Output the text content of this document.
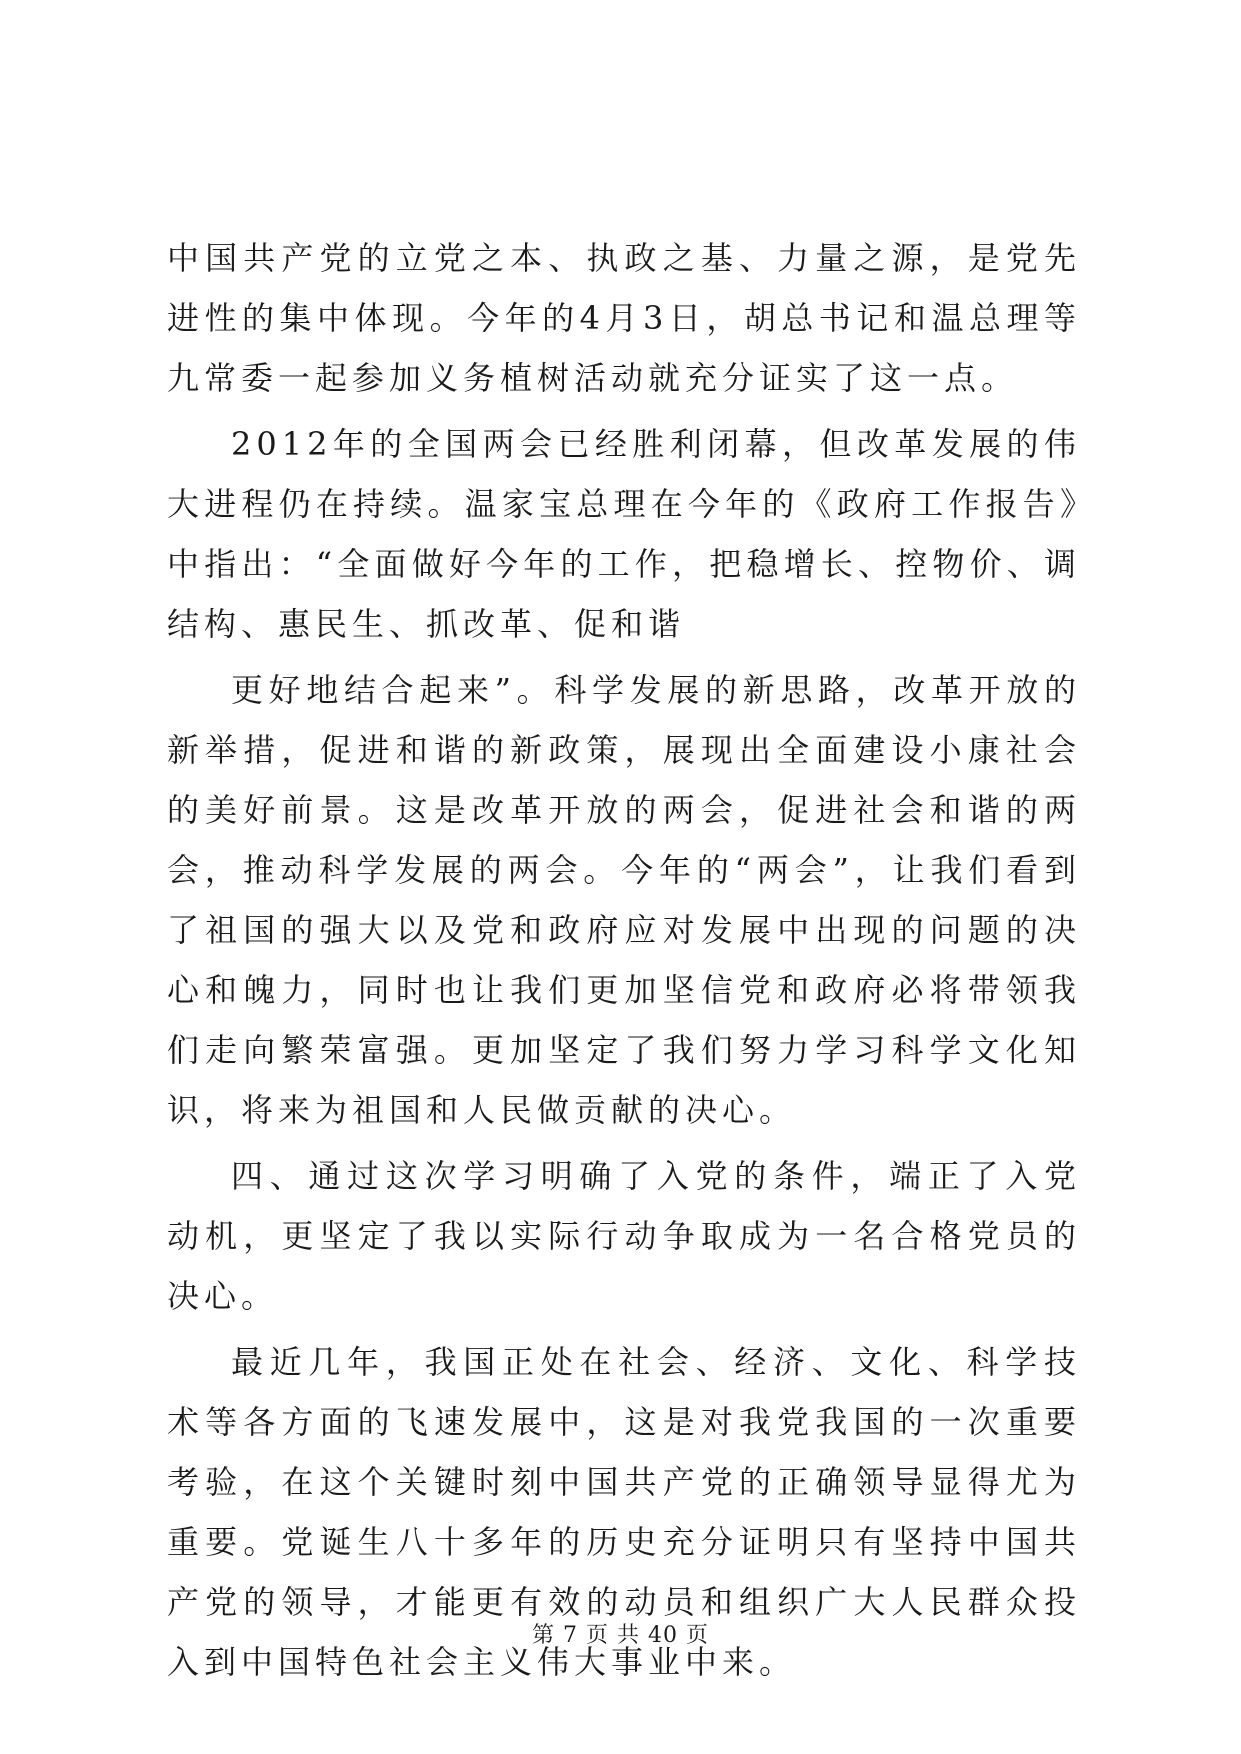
中国共产党的立党之本、执政之基、力量之源，是党先进性的集中体现。今年的4月3日，胡总书记和温总理等九常委一起参加义务植树活动就充分证实了这一点。

2012年的全国两会已经胜利闭幕，但改革发展的伟大进程仍在持续。温家宝总理在今年的《政府工作报告》中指出：“全面做好今年的工作，把稳增长、控物价、调结构、惠民生、抓改革、促和谐

更好地结合起来”。科学发展的新思路，改革开放的新举措，促进和谐的新政策，展现出全面建设小康社会的美好前景。这是改革开放的两会，促进社会和谐的两会，推动科学发展的两会。今年的“两会”，让我们看到了祖国的强大以及党和政府应对发展中出现的问题的决心和魄力，同时也让我们更加坚信党和政府必将带领我们走向繁荣富强。更加坚定了我们努力学习科学文化知识，将来为祖国和人民做贡献的决心。

四、通过这次学习明确了入党的条件，端正了入党动机，更坚定了我以实际行动争取成为一名合格党员的决心。

最近几年，我国正处在社会、经济、文化、科学技术等各方面的飞速发展中，这是对我党我国的一次重要考验，在这个关键时刻中国共产党的正确领导显得尤为重要。党诞生八十多年的历史充分证明只有坚持中国共产党的领导，才能更有效的动员和组织广大人民群众投入到中国特色社会主义伟大事业中来。

第 7 页 共 40 页
